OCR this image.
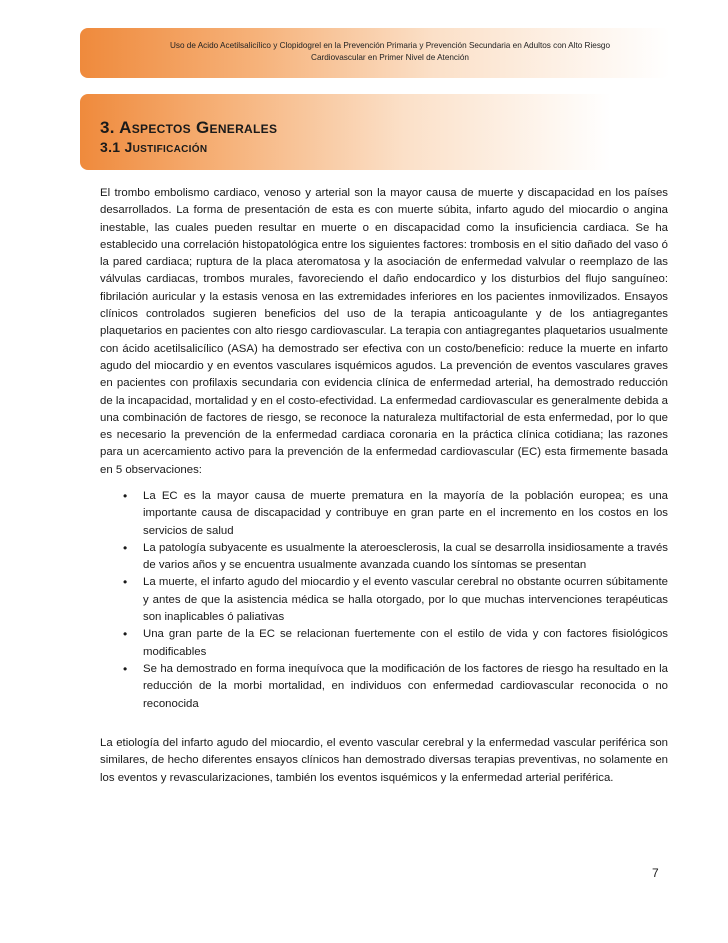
Uso de Acido Acetilsalicílico y Clopidogrel en la Prevención Primaria y Prevención Secundaria en Adultos con Alto Riesgo
Cardiovascular en Primer Nivel de Atención
3. Aspectos Generales
3.1 Justificación
El trombo embolismo cardiaco, venoso y arterial son la mayor causa de muerte y discapacidad en los países desarrollados. La forma de presentación de esta es con muerte súbita, infarto agudo del miocardio o angina inestable, las cuales pueden resultar en muerte o en discapacidad como la insuficiencia cardiaca. Se ha establecido una correlación histopatológica entre los siguientes factores: trombosis en el sitio dañado del vaso ó la pared cardiaca; ruptura de la placa ateromatosa y la asociación de enfermedad valvular o reemplazo de las válvulas cardiacas, trombos murales, favoreciendo el daño endocardico y los disturbios del flujo sanguíneo: fibrilación auricular y la estasis venosa en las extremidades inferiores en los pacientes inmovilizados. Ensayos clínicos controlados sugieren beneficios del uso de la terapia anticoagulante y de los antiagregantes plaquetarios en pacientes con alto riesgo cardiovascular. La terapia con antiagregantes plaquetarios usualmente con ácido acetilsalicílico (ASA) ha demostrado ser efectiva con un costo/beneficio: reduce la muerte en infarto agudo del miocardio y en eventos vasculares isquémicos agudos. La prevención de eventos vasculares graves en pacientes con profilaxis secundaria con evidencia clínica de enfermedad arterial, ha demostrado reducción de la incapacidad, mortalidad y en el costo-efectividad. La enfermedad cardiovascular es generalmente debida a una combinación de factores de riesgo, se reconoce la naturaleza multifactorial de esta enfermedad, por lo que es necesario la prevención de la enfermedad cardiaca coronaria en la práctica clínica cotidiana; las razones para un acercamiento activo para la prevención de la enfermedad cardiovascular (EC) esta firmemente basada en 5 observaciones:
• La EC es la mayor causa de muerte prematura en la mayoría de la población europea; es una importante causa de discapacidad y contribuye en gran parte en el incremento en los costos en los servicios de salud
• La patología subyacente es usualmente la ateroesclerosis, la cual se desarrolla insidiosamente a través de varios años y se encuentra usualmente avanzada cuando los síntomas se presentan
• La muerte, el infarto agudo del miocardio y el evento vascular cerebral no obstante ocurren súbitamente y antes de que la asistencia médica se halla otorgado, por lo que muchas intervenciones terapéuticas son inaplicables ó paliativas
• Una gran parte de la EC se relacionan fuertemente con el estilo de vida y con factores fisiológicos modificables
• Se ha demostrado en forma inequívoca que la modificación de los factores de riesgo ha resultado en la reducción de la morbi mortalidad, en individuos con enfermedad cardiovascular reconocida o no reconocida
La etiología del infarto agudo del miocardio, el evento vascular cerebral y la enfermedad vascular periférica son similares, de hecho diferentes ensayos clínicos han demostrado diversas terapias preventivas, no solamente en los eventos y revascularizaciones, también los eventos isquémicos y la enfermedad arterial periférica.
7
